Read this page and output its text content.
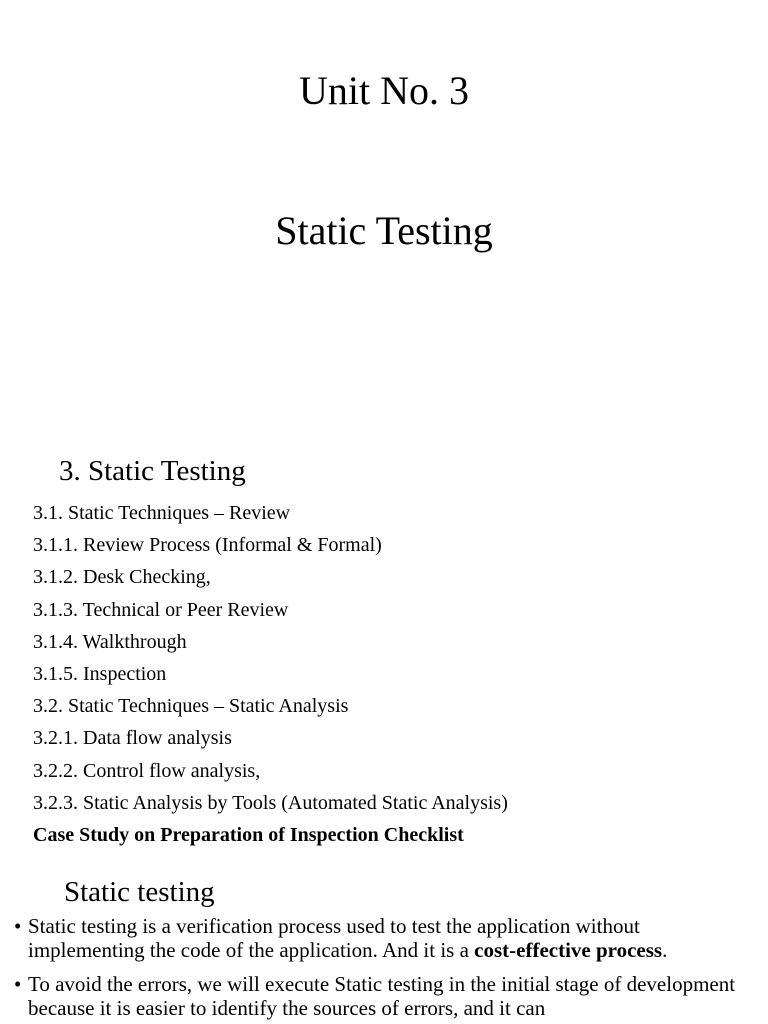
Unit No. 3
Static Testing
3. Static Testing
3.1. Static Techniques – Review
3.1.1. Review Process (Informal & Formal)
3.1.2. Desk Checking,
3.1.3. Technical or Peer Review
3.1.4. Walkthrough
3.1.5. Inspection
3.2. Static Techniques – Static Analysis
3.2.1. Data flow analysis
3.2.2. Control flow analysis,
3.2.3. Static Analysis by Tools (Automated Static Analysis)
Case Study on Preparation of Inspection Checklist
Static testing
• Static testing is a verification process used to test the application without implementing the code of the application. And it is a cost-effective process.
• To avoid the errors, we will execute Static testing in the initial stage of development because it is easier to identify the sources of errors, and it can
